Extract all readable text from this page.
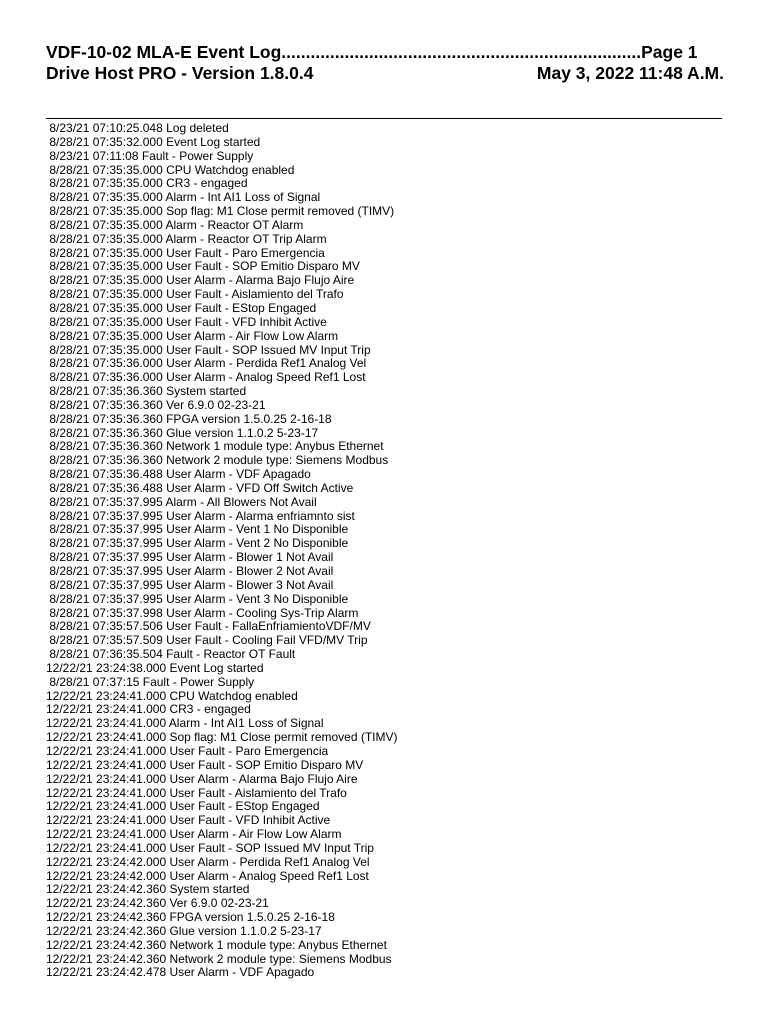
VDF-10-02 MLA-E Event Log..........................................................................Page 1
Drive Host PRO - Version 1.8.0.4	May 3, 2022 11:48 A.M.
8/23/21 07:10:25.048 Log deleted
8/28/21 07:35:32.000 Event Log started
8/23/21 07:11:08 Fault - Power Supply
8/28/21 07:35:35.000 CPU Watchdog enabled
8/28/21 07:35:35.000 CR3 - engaged
8/28/21 07:35:35.000 Alarm - Int AI1 Loss of Signal
8/28/21 07:35:35.000 Sop flag: M1 Close permit removed (TIMV)
8/28/21 07:35:35.000 Alarm - Reactor OT Alarm
8/28/21 07:35:35.000 Alarm - Reactor OT Trip Alarm
8/28/21 07:35:35.000 User Fault - Paro Emergencia
8/28/21 07:35:35.000 User Fault - SOP Emitio Disparo MV
8/28/21 07:35:35.000 User Alarm - Alarma Bajo Flujo Aire
8/28/21 07:35:35.000 User Fault - Aislamiento del Trafo
8/28/21 07:35:35.000 User Fault - EStop Engaged
8/28/21 07:35:35.000 User Fault - VFD Inhibit Active
8/28/21 07:35:35.000 User Alarm - Air Flow Low Alarm
8/28/21 07:35:35.000 User Fault - SOP Issued MV Input Trip
8/28/21 07:35:36.000 User Alarm - Perdida Ref1 Analog Vel
8/28/21 07:35:36.000 User Alarm - Analog Speed Ref1 Lost
8/28/21 07:35:36.360 System started
8/28/21 07:35:36.360 Ver 6.9.0 02-23-21
8/28/21 07:35:36.360 FPGA version 1.5.0.25 2-16-18
8/28/21 07:35:36.360 Glue version 1.1.0.2 5-23-17
8/28/21 07:35:36.360 Network 1 module type: Anybus Ethernet
8/28/21 07:35:36.360 Network 2 module type: Siemens Modbus
8/28/21 07:35:36.488 User Alarm - VDF Apagado
8/28/21 07:35:36.488 User Alarm - VFD Off Switch Active
8/28/21 07:35:37.995 Alarm - All Blowers Not Avail
8/28/21 07:35:37.995 User Alarm - Alarma enfriamnto sist
8/28/21 07:35:37.995 User Alarm - Vent 1 No Disponible
8/28/21 07:35:37.995 User Alarm - Vent 2 No Disponible
8/28/21 07:35:37.995 User Alarm - Blower 1 Not Avail
8/28/21 07:35:37.995 User Alarm - Blower 2 Not Avail
8/28/21 07:35:37.995 User Alarm - Blower 3 Not Avail
8/28/21 07:35:37.995 User Alarm - Vent 3 No Disponible
8/28/21 07:35:37.998 User Alarm - Cooling Sys-Trip Alarm
8/28/21 07:35:57.506 User Fault - FallaEnfriamientoVDF/MV
8/28/21 07:35:57.509 User Fault - Cooling Fail VFD/MV Trip
8/28/21 07:36:35.504 Fault - Reactor OT Fault
12/22/21 23:24:38.000 Event Log started
8/28/21 07:37:15 Fault - Power Supply
12/22/21 23:24:41.000 CPU Watchdog enabled
12/22/21 23:24:41.000 CR3 - engaged
12/22/21 23:24:41.000 Alarm - Int AI1 Loss of Signal
12/22/21 23:24:41.000 Sop flag: M1 Close permit removed (TIMV)
12/22/21 23:24:41.000 User Fault - Paro Emergencia
12/22/21 23:24:41.000 User Fault - SOP Emitio Disparo MV
12/22/21 23:24:41.000 User Alarm - Alarma Bajo Flujo Aire
12/22/21 23:24:41.000 User Fault - Aislamiento del Trafo
12/22/21 23:24:41.000 User Fault - EStop Engaged
12/22/21 23:24:41.000 User Fault - VFD Inhibit Active
12/22/21 23:24:41.000 User Alarm - Air Flow Low Alarm
12/22/21 23:24:41.000 User Fault - SOP Issued MV Input Trip
12/22/21 23:24:42.000 User Alarm - Perdida Ref1 Analog Vel
12/22/21 23:24:42.000 User Alarm - Analog Speed Ref1 Lost
12/22/21 23:24:42.360 System started
12/22/21 23:24:42.360 Ver 6.9.0 02-23-21
12/22/21 23:24:42.360 FPGA version 1.5.0.25 2-16-18
12/22/21 23:24:42.360 Glue version 1.1.0.2 5-23-17
12/22/21 23:24:42.360 Network 1 module type: Anybus Ethernet
12/22/21 23:24:42.360 Network 2 module type: Siemens Modbus
12/22/21 23:24:42.478 User Alarm - VDF Apagado
